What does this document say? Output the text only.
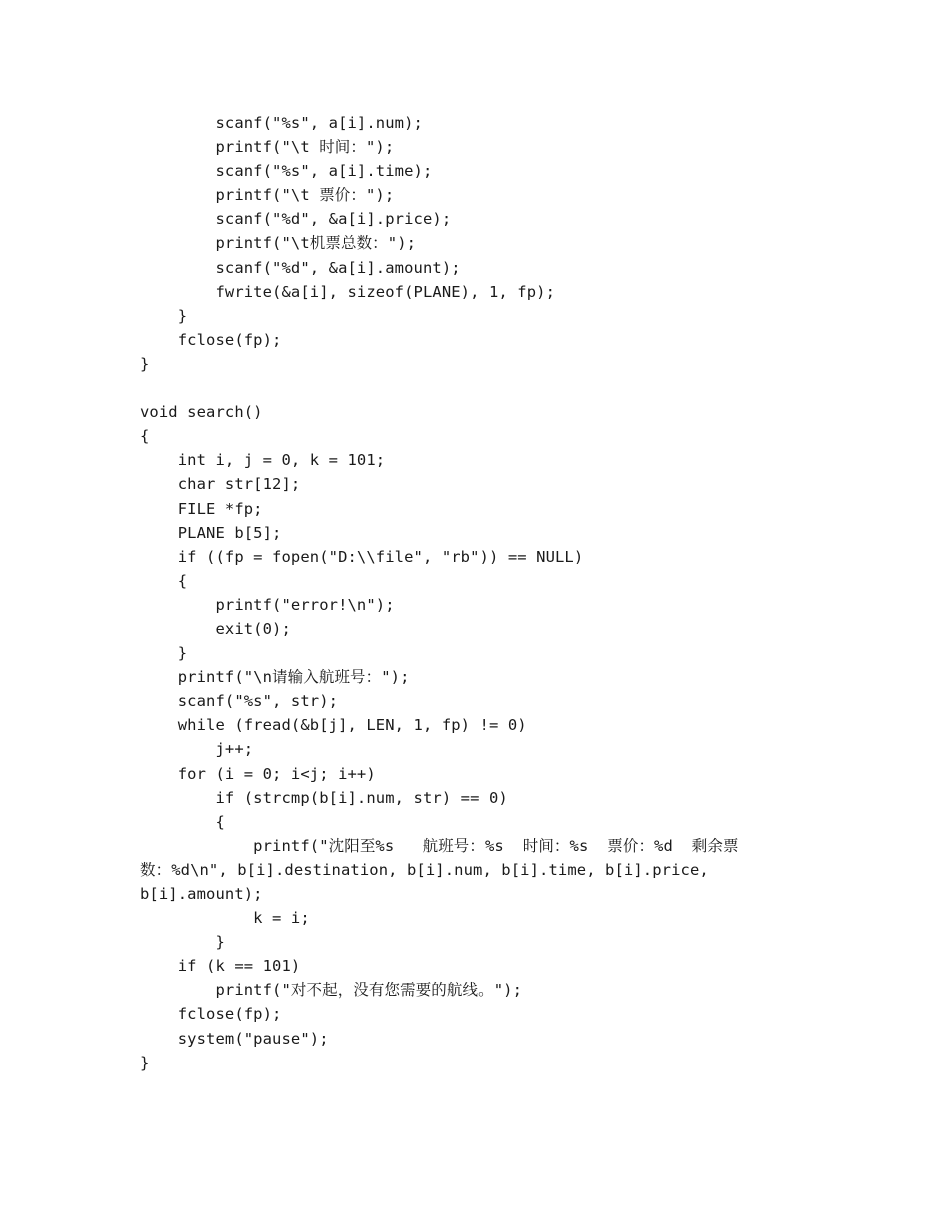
scanf("%s", a[i].num);
printf("\t 时间：");
scanf("%s", a[i].time);
printf("\t 票价：");
scanf("%d", &a[i].price);
printf("\t机票总数：");
scanf("%d", &a[i].amount);
fwrite(&a[i], sizeof(PLANE), 1, fp);
}
fclose(fp);
}
void search()
{
int i, j = 0, k = 101;
char str[12];
FILE *fp;
PLANE b[5];
if ((fp = fopen("D:\\file", "rb")) == NULL)
{
printf("error!\n");
exit(0);
}
printf("\n请输入航班号：");
scanf("%s", str);
while (fread(&b[j], LEN, 1, fp) != 0)
j++;
for (i = 0; i<j; i++)
if (strcmp(b[i].num, str) == 0)
{
printf("沈阳至%s   航班号：%s  时间：%s  票价：%d  剩余票
数：%d\n", b[i].destination, b[i].num, b[i].time, b[i].price,
b[i].amount);
k = i;
}
if (k == 101)
printf("对不起，没有您需要的航线。");
fclose(fp);
system("pause");
}
